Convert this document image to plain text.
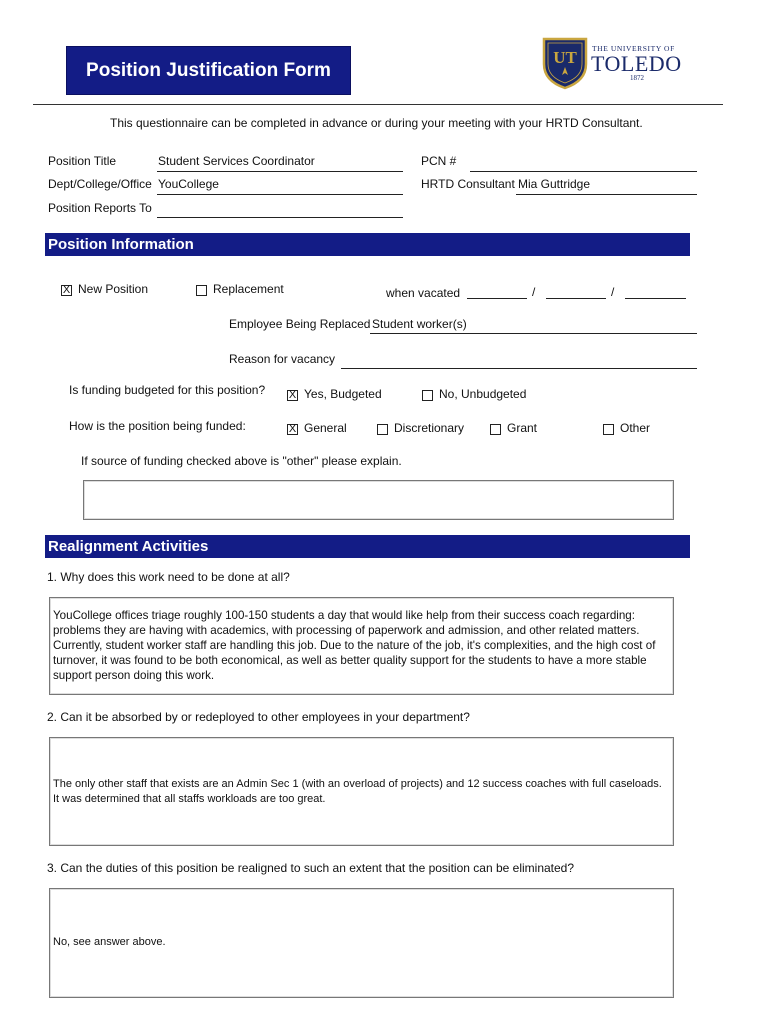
Position Justification Form
UT THE UNIVERSITY OF
TOLEDO
1872
This questionnaire can be completed in advance or during your meeting with your HRTD Consultant.
Position Title	Student Services Coordinator
Dept/College/Office YouCollege
Position Reports To
PCN #
HRTD Consultant Mia Guttridge
Position Information
X New Position	Replacement	when vacated	/	/
Employee Being Replaced Student worker(s)
Reason for vacancy
Is funding budgeted for this position? X Yes, Budgeted	No, Unbudgeted
How is the position being funded:	X General	Discretionary	Grant	Other
If source of funding checked above is "other" please explain.
Realignment Activities
1. Why does this work need to be done at all?
YouCollege offices triage roughly 100-150 students a day that would like help from their success coach regarding: problems they are having with academics, with processing of paperwork and admission, and other related matters. Currently, student worker staff are handling this job. Due to the nature of the job, it's complexities, and the high cost of turnover, it was found to be both economical, as well as better quality support for the students to have a more stable support person doing this work.
2. Can it be absorbed by or redeployed to other employees in your department?
The only other staff that exists are an Admin Sec 1 (with an overload of projects) and 12 success coaches with full caseloads. It was determined that all staffs workloads are too great.
3. Can the duties of this position be realigned to such an extent that the position can be eliminated?
No, see answer above.
